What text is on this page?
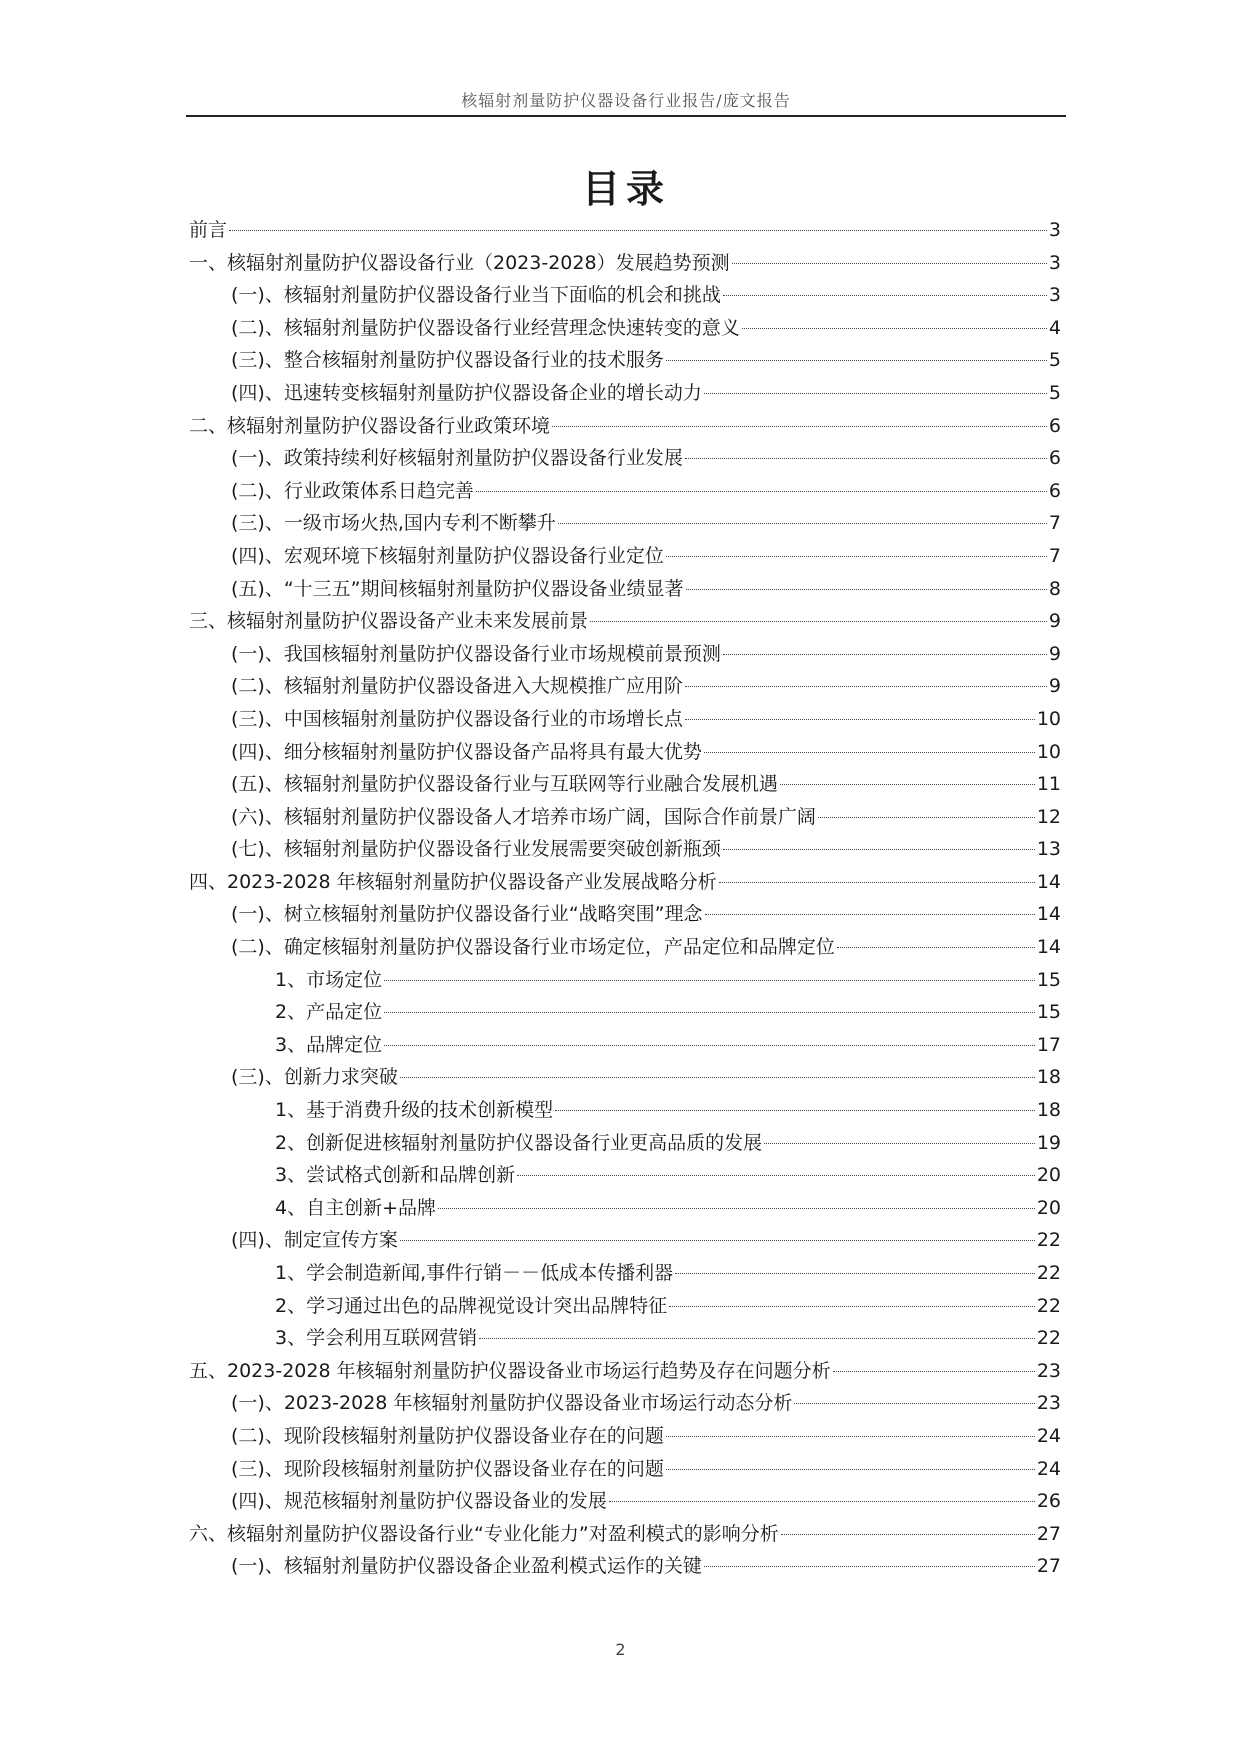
核辐射剂量防护仪器设备行业报告/庞文报告
目录
前言	3
一、核辐射剂量防护仪器设备行业（2023-2028）发展趋势预测	3
(一)、核辐射剂量防护仪器设备行业当下面临的机会和挑战	3
(二)、核辐射剂量防护仪器设备行业经营理念快速转变的意义	4
(三)、整合核辐射剂量防护仪器设备行业的技术服务	5
(四)、迅速转变核辐射剂量防护仪器设备企业的增长动力	5
二、核辐射剂量防护仪器设备行业政策环境	6
(一)、政策持续利好核辐射剂量防护仪器设备行业发展	6
(二)、行业政策体系日趋完善	6
(三)、一级市场火热,国内专利不断攀升	7
(四)、宏观环境下核辐射剂量防护仪器设备行业定位	7
(五)、“十三五”期间核辐射剂量防护仪器设备业绩显著	8
三、核辐射剂量防护仪器设备产业未来发展前景	9
(一)、我国核辐射剂量防护仪器设备行业市场规模前景预测	9
(二)、核辐射剂量防护仪器设备进入大规模推广应用阶	9
(三)、中国核辐射剂量防护仪器设备行业的市场增长点	10
(四)、细分核辐射剂量防护仪器设备产品将具有最大优势	10
(五)、核辐射剂量防护仪器设备行业与互联网等行业融合发展机遇	11
(六)、核辐射剂量防护仪器设备人才培养市场广阔，国际合作前景广阔	12
(七)、核辐射剂量防护仪器设备行业发展需要突破创新瓶颈	13
四、2023-2028 年核辐射剂量防护仪器设备产业发展战略分析	14
(一)、树立核辐射剂量防护仪器设备行业“战略突围”理念	14
(二)、确定核辐射剂量防护仪器设备行业市场定位，产品定位和品牌定位	14
1、市场定位	15
2、产品定位	15
3、品牌定位	17
(三)、创新力求突破	18
1、基于消费升级的技术创新模型	18
2、创新促进核辐射剂量防护仪器设备行业更高品质的发展	19
3、尝试格式创新和品牌创新	20
4、自主创新+品牌	20
(四)、制定宣传方案	22
1、学会制造新闻,事件行销－－低成本传播利器	22
2、学习通过出色的品牌视觉设计突出品牌特征	22
3、学会利用互联网营销	22
五、2023-2028 年核辐射剂量防护仪器设备业市场运行趋势及存在问题分析	23
(一)、2023-2028 年核辐射剂量防护仪器设备业市场运行动态分析	23
(二)、现阶段核辐射剂量防护仪器设备业存在的问题	24
(三)、现阶段核辐射剂量防护仪器设备业存在的问题	24
(四)、规范核辐射剂量防护仪器设备业的发展	26
六、核辐射剂量防护仪器设备行业“专业化能力”对盈利模式的影响分析	27
(一)、核辐射剂量防护仪器设备企业盈利模式运作的关键	27
2
